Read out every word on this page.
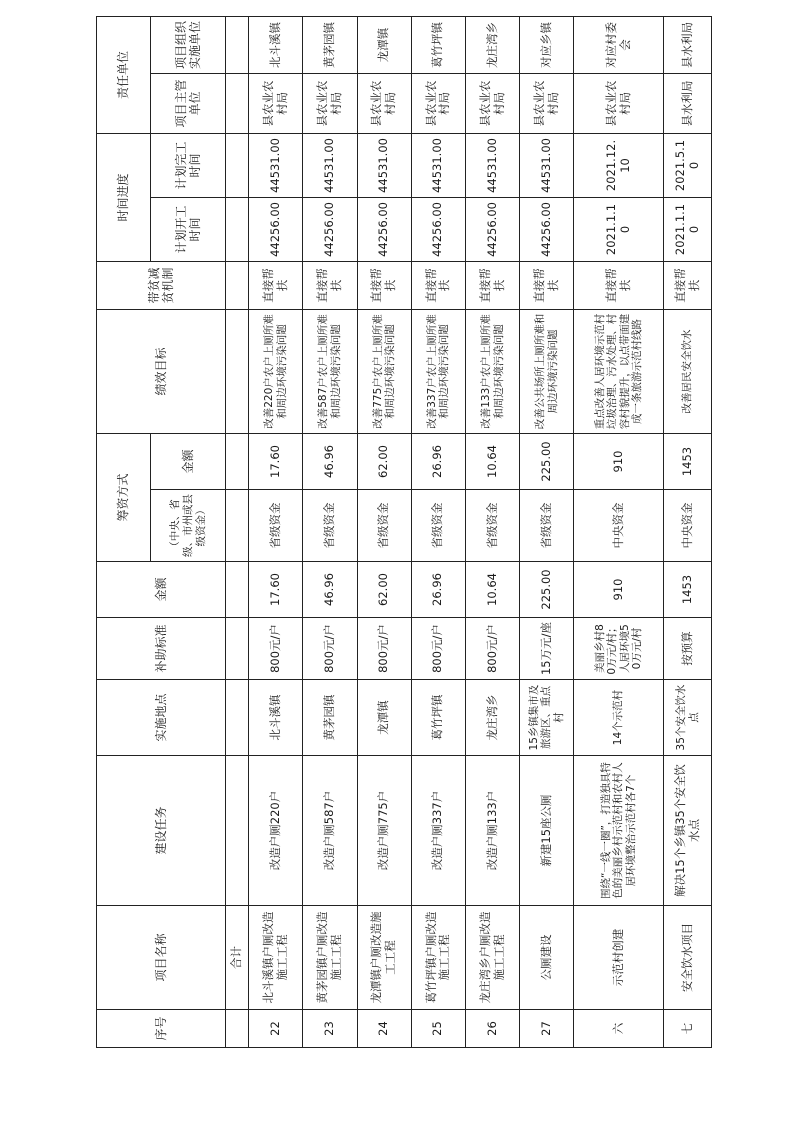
序号	项目名称	建设任务	实施地点	补助标准	金额	筹资方式		绩效目标	带贫减贫机制	时间进度		责任单位	
						（中央、省级、市州或县级资金）	金额			计划开工时间	计划完工时间	项目主管单位	项目组织实施单位
	合计												
22	北斗溪镇户厕改造施工工程	改造户厕220户	北斗溪镇	800元/户	17.60	省级资金	17.60	改善220户农户上厕所难和周边环境污染问题	直接帮扶	44256.00	44531.00	县农业农村局	北斗溪镇
23	黄茅园镇户厕改造施工工程	改造户厕587户	黄茅园镇	800元/户	46.96	省级资金	46.96	改善587户农户上厕所难和周边环境污染问题	直接帮扶	44256.00	44531.00	县农业农村局	黄茅园镇
24	龙潭镇户厕改造施工工程	改造户厕775户	龙潭镇	800元/户	62.00	省级资金	62.00	改善775户农户上厕所难和周边环境污染问题	直接帮扶	44256.00	44531.00	县农业农村局	龙潭镇
25	葛竹坪镇户厕改造施工工程	改造户厕337户	葛竹坪镇	800元/户	26.96	省级资金	26.96	改善337户农户上厕所难和周边环境污染问题	直接帮扶	44256.00	44531.00	县农业农村局	葛竹坪镇
26	龙庄湾乡户厕改造施工工程	改造户厕133户	龙庄湾乡	800元/户	10.64	省级资金	10.64	改善133户农户上厕所难和周边环境污染问题	直接帮扶	44256.00	44531.00	县农业农村局	龙庄湾乡
27	公厕建设	新建15座公厕	15乡镇集市及旅游区、重点村	15万元/座	225.00	省级资金	225.00	改善公共场所上厕所难和周边环境污染问题	直接帮扶	44256.00	44531.00	县农业农村局	对应乡镇
六	示范村创建	围绕“一线一圈”，打造独具特色的美丽乡村示范村和农村人居环境整治示范村各7个	14个示范村	美丽乡村80万元/村；人居环境50万元/村	910	中央资金	910	重点改善人居环境示范村垃圾治理、污水处理、村容村貌提升，以点带面建成一条旅游示范村线路	直接帮扶	2021.1.10	2021.12.10	县农业农村局	对应村委会
七	安全饮水项目	解决15个乡镇35个安全饮水点	35个安全饮水点	按预算	1453	中央资金	1453	改善居民安全饮水	直接帮扶	2021.1.10	2021.5.10	县水利局	县水利局
